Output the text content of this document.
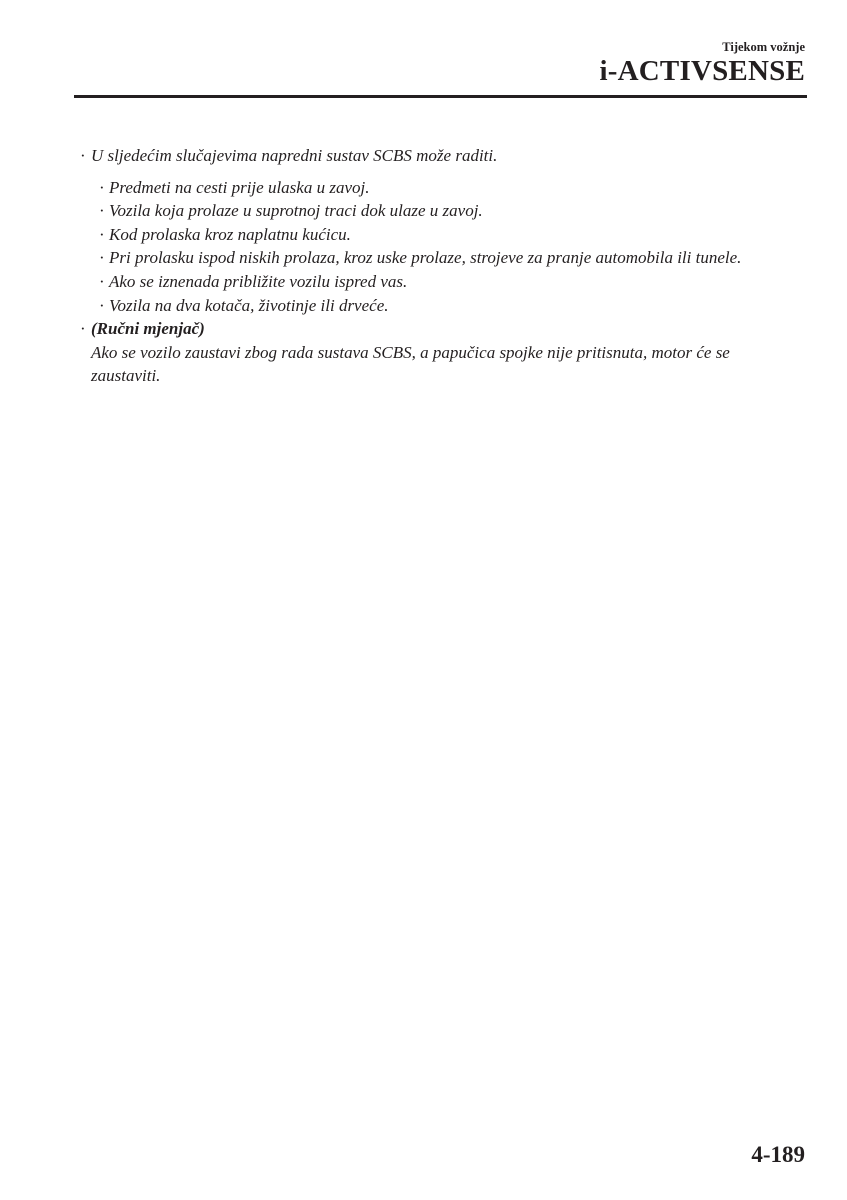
Tijekom vožnje
i-ACTIVSENSE
· U sljedećim slučajevima napredni sustav SCBS može raditi.
· Predmeti na cesti prije ulaska u zavoj.
· Vozila koja prolaze u suprotnoj traci dok ulaze u zavoj.
· Kod prolaska kroz naplatnu kućicu.
· Pri prolasku ispod niskih prolaza, kroz uske prolaze, strojeve za pranje automobila ili tunele.
· Ako se iznenada približite vozilu ispred vas.
· Vozila na dva kotača, životinje ili drveće.
· (Ručni mjenjač)
Ako se vozilo zaustavi zbog rada sustava SCBS, a papučica spojke nije pritisnuta, motor će se zaustaviti.
4-189
